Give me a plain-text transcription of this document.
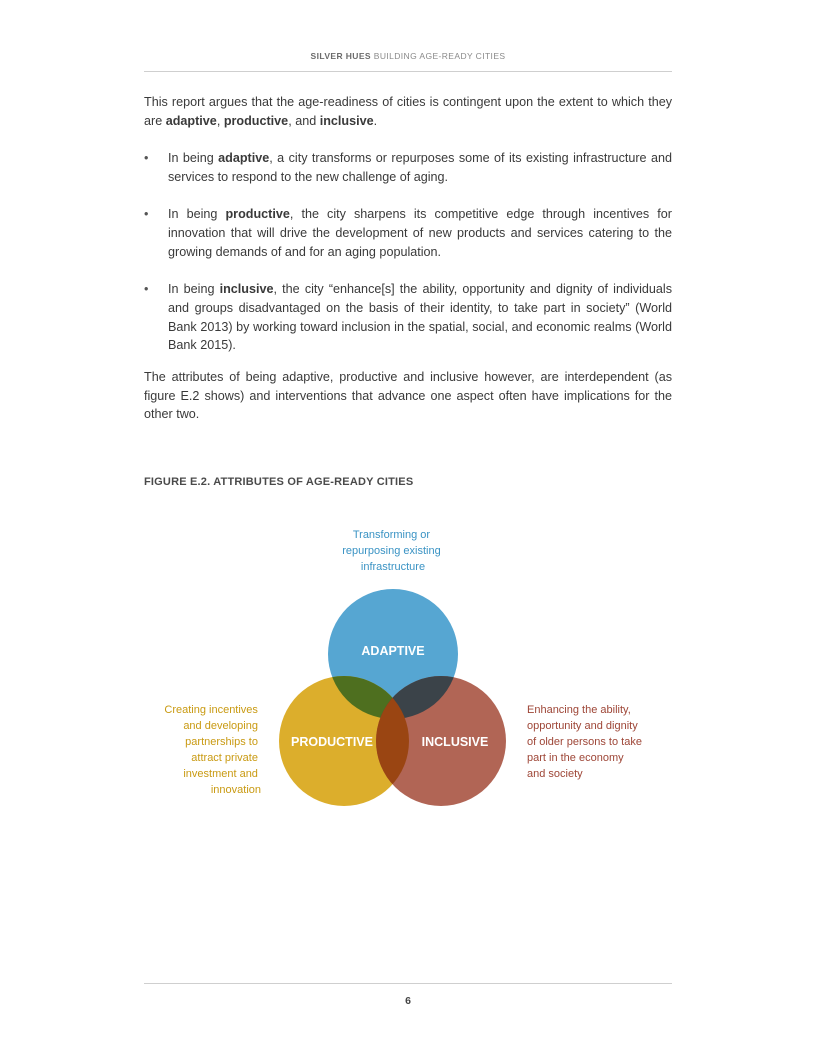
SILVER HUES BUILDING AGE-READY CITIES
This report argues that the age-readiness of cities is contingent upon the extent to which they are adaptive, productive, and inclusive.
• In being adaptive, a city transforms or repurposes some of its existing infrastructure and services to respond to the new challenge of aging.
• In being productive, the city sharpens its competitive edge through incentives for innovation that will drive the development of new products and services catering to the growing demands of and for an aging population.
• In being inclusive, the city “enhance[s] the ability, opportunity and dignity of individuals and groups disadvantaged on the basis of their identity, to take part in society” (World Bank 2013) by working toward inclusion in the spatial, social, and economic realms (World Bank 2015).
The attributes of being adaptive, productive and inclusive however, are interdependent (as figure E.2 shows) and interventions that advance one aspect often have implications for the other two.
FIGURE E.2. ATTRIBUTES OF AGE-READY CITIES
Transforming or repurposing existing infrastructure
ADAPTIVE
PRODUCTIVE	INCLUSIVE
Creating incentives and developing partnerships to attract private investment and innovation
Enhancing the ability, opportunity and dignity of older persons to take part in the economy and society
6
